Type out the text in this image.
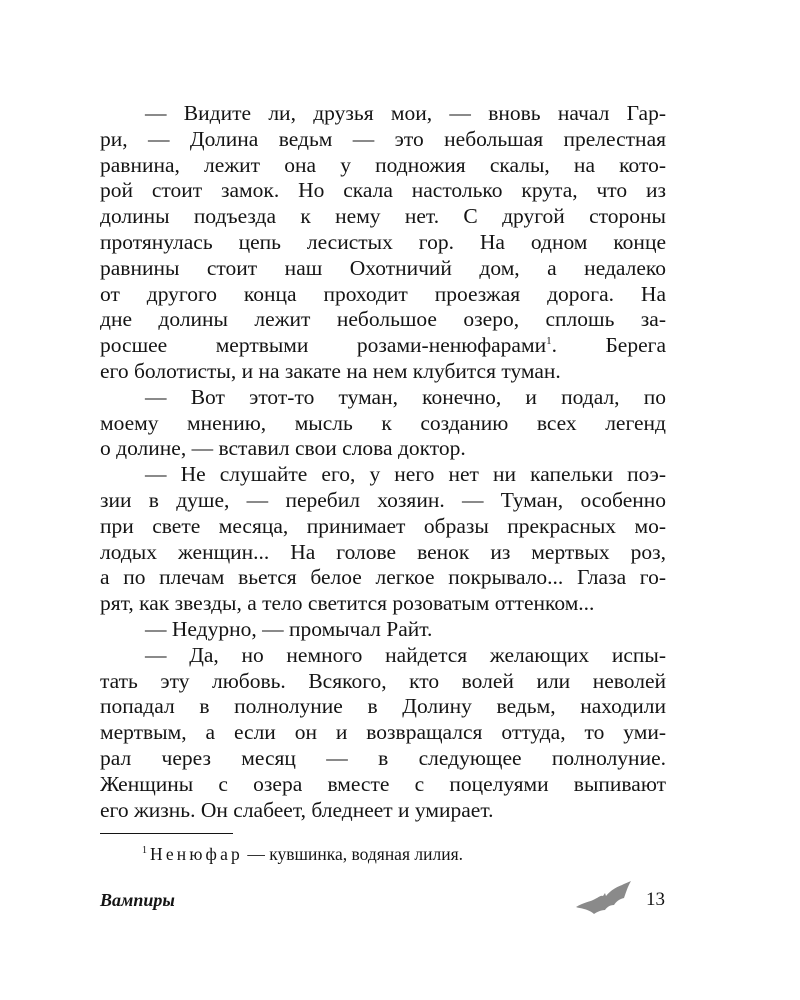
— Видите ли, друзья мои, — вновь начал Гар-
ри, — Долина ведьм — это небольшая прелестная
равнина, лежит она у подножия скалы, на кото-
рой стоит замок. Но скала настолько крута, что из
долины подъезда к нему нет. С другой стороны
протянулась цепь лесистых гор. На одном конце
равнины стоит наш Охотничий дом, а недалеко
от другого конца проходит проезжая дорога. На
дне долины лежит небольшое озеро, сплошь за-
росшее мертвыми розами-ненюфарами$^1$. Берега
его болотисты, и на закате на нем клубится туман.
— Вот этот-то туман, конечно, и подал, по
моему мнению, мысль к созданию всех легенд
о долине, — вставил свои слова доктор.
— Не слушайте его, у него нет ни капельки поэ-
зии в душе, — перебил хозяин. — Туман, особенно
при свете месяца, принимает образы прекрасных мо-
лодых женщин... На голове венок из мертвых роз,
а по плечам вьется белое легкое покрывало... Глаза го-
рят, как звезды, а тело светится розоватым оттенком...
— Недурно, — промычал Райт.
— Да, но немного найдется желающих испы-
тать эту любовь. Всякого, кто волей или неволей
попадал в полнолуние в Долину ведьм, находили
мертвым, а если он и возвращался оттуда, то уми-
рал через месяц — в следующее полнолуние.
Женщины с озера вместе с поцелуями выпивают
его жизнь. Он слабеет, бледнеет и умирает.
$^1$ Ненюфар — кувшинка, водяная лилия.
Вампиры	13
